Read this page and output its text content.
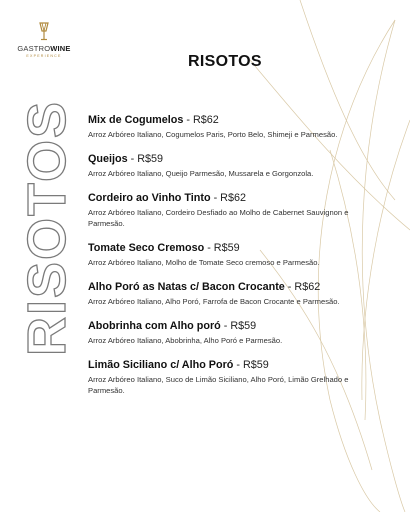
GASTROWINE
EXPERIENCE	RISOTOS
RISOTOS Mix de Cogumelos - R$62
Arroz Arbóreo Italiano, Cogumelos Paris, Porto Belo, Shimeji e Parmesão.
Queijos - R$59
Arroz Arbóreo Italiano, Queijo Parmesão, Mussarela e Gorgonzola.
Cordeiro ao Vinho Tinto - R$62
Arroz Arbóreo Italiano, Cordeiro Desfiado ao Molho de Cabernet Sauvignon e Parmesão.
Tomate Seco Cremoso - R$59
Arroz Arbóreo Italiano, Molho de Tomate Seco cremoso e Parmesão.
Alho Poró as Natas c/ Bacon Crocante - R$62
Arroz Arbóreo Italiano, Alho Poró, Farrofa de Bacon Crocante e Parmesão.
Abobrinha com Alho poró - R$59
Arroz Arbóreo Italiano, Abobrinha, Alho Poró e Parmesão.
Limão Siciliano c/ Alho Poró - R$59
Arroz Arbóreo Italiano, Suco de Limão Siciliano, Alho Poró, Limão Grelhado e Parmesão.
